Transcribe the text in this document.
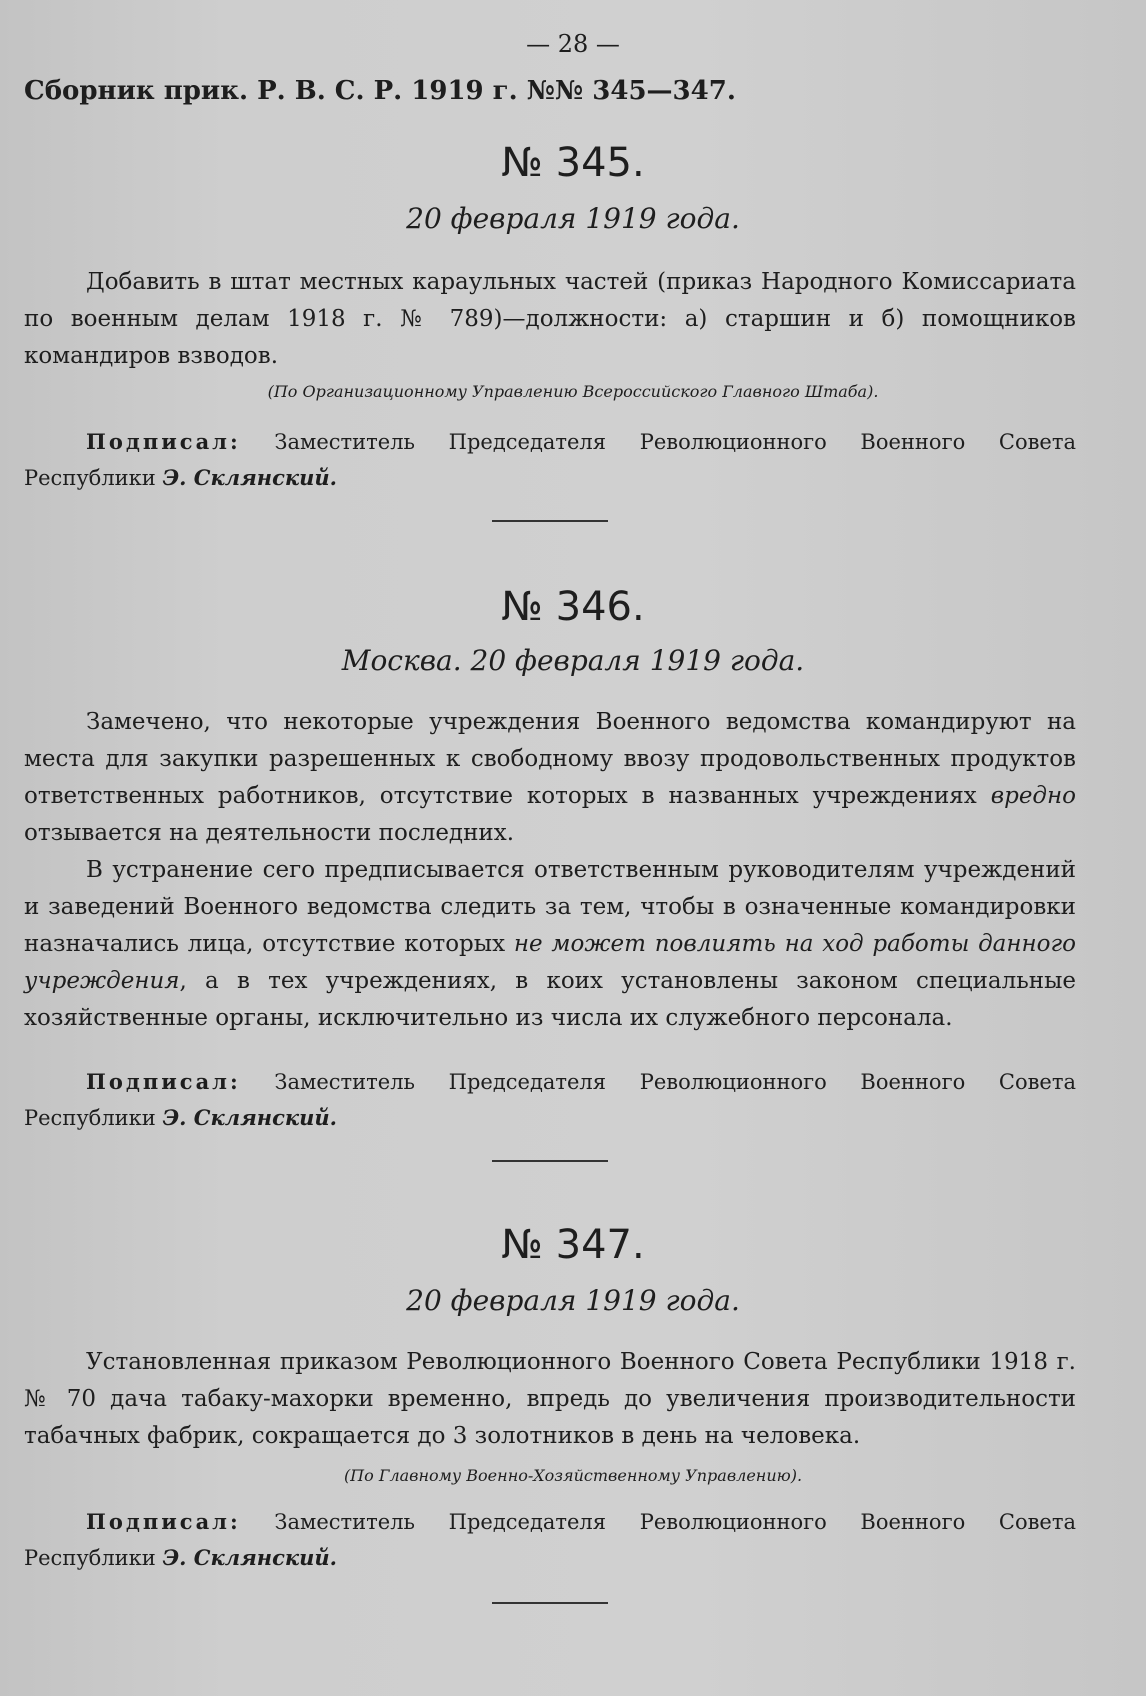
— 28 —
Сборник прик. Р. В. С. Р. 1919 г. №№ 345—347.
№ 345.
20 февраля 1919 года.

Добавить в штат местных караульных частей (приказ Народного Комиссариата по военным делам 1918 г. № 789)—должности: а) старшин и б) помощников командиров взводов.

(По Организационному Управлению Всероссийского Главного Штаба).

Подписал: Заместитель Председателя Революционного Военного Совета Республики Э. Склянский.

№ 346.
Москва. 20 февраля 1919 года.

Замечено, что некоторые учреждения Военного ведомства командируют на места для закупки разрешенных к свободному ввозу продовольственных продуктов ответственных работников, отсутствие которых в названных учреждениях вредно отзывается на деятельности последних.

В устранение сего предписывается ответственным руководителям учреждений и заведений Военного ведомства следить за тем, чтобы в означенные командировки назначались лица, отсутствие которых не может повлиять на ход работы данного учреждения, а в тех учреждениях, в коих установлены законом специальные хозяйственные органы, исключительно из числа их служебного персонала.

Подписал: Заместитель Председателя Революционного Военного Совета Республики Э. Склянский.

№ 347.
20 февраля 1919 года.

Установленная приказом Революционного Военного Совета Республики 1918 г. № 70 дача табаку-махорки временно, впредь до увеличения производительности табачных фабрик, сокращается до 3 золотников в день на человека.

(По Главному Военно-Хозяйственному Управлению).

Подписал: Заместитель Председателя Революционного Военного Совета Республики Э. Склянский.
